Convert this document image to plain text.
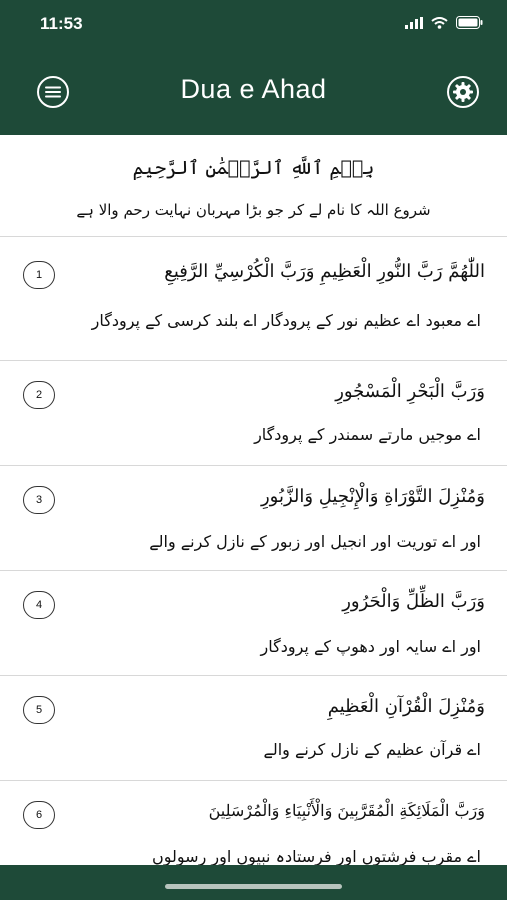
11:53
Dua e Ahad
بِسۡمِ ٱللَّهِ ٱلرَّحۡمَٰنِ ٱلرَّحِيمِ
شروع اللہ کا نام لے کر جو بڑا مہربان نہایت رحم والا ہے
1	اللّٰهُمَّ رَبَّ النُّورِ الْعَظِيمِ وَرَبَّ الْكُرْسِيِّ الرَّفِيعِ
اے معبود اے عظیم نور کے پرودگار اے بلند کرسی کے پرودگار
2	وَرَبَّ الْبَحْرِ الْمَسْجُورِ
اے موجیں مارتے سمندر کے پرودگار
3	وَمُنْزِلَ التَّوْرَاةِ وَالْإِنْجِيلِ وَالزَّبُورِ
اور اے توریت اور انجیل اور زبور کے نازل کرنے والے
4	وَرَبَّ الظِّلِّ وَالْحَرُورِ
اور اے سایہ اور دھوپ کے پرودگار
5	وَمُنْزِلَ الْقُرْآنِ الْعَظِيمِ
اے قرآن عظیم کے نازل کرنے والے
6	وَرَبَّ الْمَلَائِكَةِ الْمُقَرَّبِينَ وَالْأَنْبِيَاءِ وَالْمُرْسَلِينَ
اے مقرب فرشتوں اور فرستادہ نبیوں اور رسولوں
